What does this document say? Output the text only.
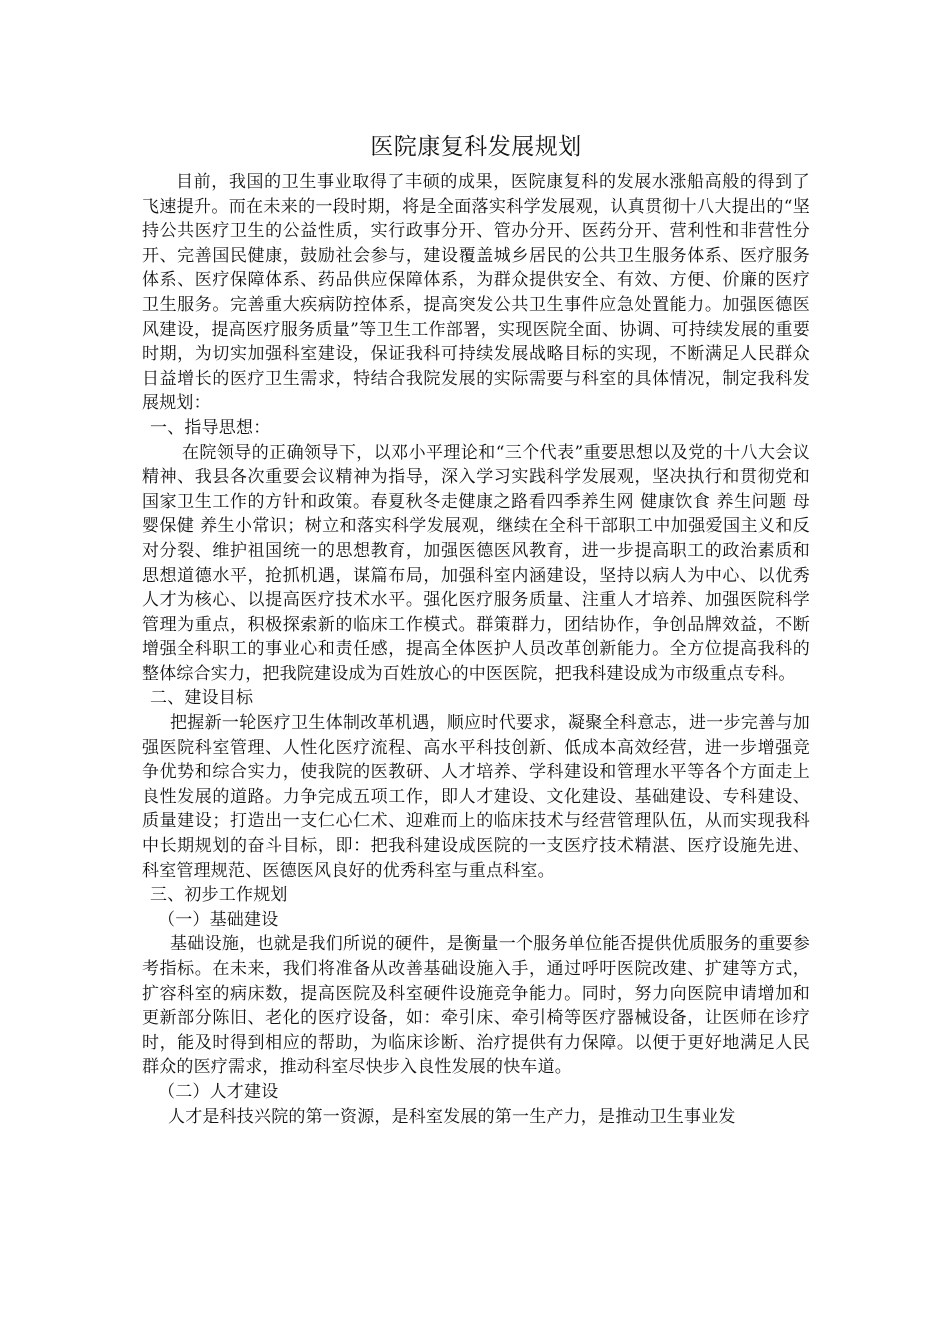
医院康复科发展规划

目前，我国的卫生事业取得了丰硕的成果，医院康复科的发展水涨船高般的得到了飞速提升。而在未来的一段时期，将是全面落实科学发展观，认真贯彻十八大提出的“坚持公共医疗卫生的公益性质，实行政事分开、管办分开、医药分开、营利性和非营性分开、完善国民健康，鼓励社会参与，建设覆盖城乡居民的公共卫生服务体系、医疗服务体系、医疗保障体系、药品供应保障体系，为群众提供安全、有效、方便、价廉的医疗卫生服务。完善重大疾病防控体系，提高突发公共卫生事件应急处置能力。加强医德医风建设，提高医疗服务质量”等卫生工作部署，实现医院全面、协调、可持续发展的重要时期，为切实加强科室建设，保证我科可持续发展战略目标的实现，不断满足人民群众日益增长的医疗卫生需求，特结合我院发展的实际需要与科室的具体情况，制定我科发展规划：

一、指导思想：

在院领导的正确领导下，以邓小平理论和“三个代表”重要思想以及党的十八大会议精神、我县各次重要会议精神为指导，深入学习实践科学发展观，坚决执行和贯彻党和国家卫生工作的方针和政策。春夏秋冬走健康之路看四季养生网 健康饮食 养生问题 母婴保健 养生小常识；树立和落实科学发展观，继续在全科干部职工中加强爱国主义和反对分裂、维护祖国统一的思想教育，加强医德医风教育，进一步提高职工的政治素质和思想道德水平，抢抓机遇，谋篇布局，加强科室内涵建设，坚持以病人为中心、以优秀人才为核心、以提高医疗技术水平。强化医疗服务质量、注重人才培养、加强医院科学管理为重点，积极探索新的临床工作模式。群策群力，团结协作，争创品牌效益，不断增强全科职工的事业心和责任感，提高全体医护人员改革创新能力。全方位提高我科的整体综合实力，把我院建设成为百姓放心的中医医院，把我科建设成为市级重点专科。

二、建设目标

把握新一轮医疗卫生体制改革机遇，顺应时代要求，凝聚全科意志，进一步完善与加强医院科室管理、人性化医疗流程、高水平科技创新、低成本高效经营，进一步增强竞争优势和综合实力，使我院的医教研、人才培养、学科建设和管理水平等各个方面走上良性发展的道路。力争完成五项工作，即人才建设、文化建设、基础建设、专科建设、质量建设；打造出一支仁心仁术、迎难而上的临床技术与经营管理队伍，从而实现我科中长期规划的奋斗目标，即：把我科建设成医院的一支医疗技术精湛、医疗设施先进、科室管理规范、医德医风良好的优秀科室与重点科室。

三、初步工作规划

（一）基础建设

基础设施，也就是我们所说的硬件，是衡量一个服务单位能否提供优质服务的重要参考指标。在未来，我们将准备从改善基础设施入手，通过呼吁医院改建、扩建等方式，扩容科室的病床数，提高医院及科室硬件设施竞争能力。同时，努力向医院申请增加和更新部分陈旧、老化的医疗设备，如：牵引床、牵引椅等医疗器械设备，让医师在诊疗时，能及时得到相应的帮助，为临床诊断、治疗提供有力保障。以便于更好地满足人民群众的医疗需求，推动科室尽快步入良性发展的快车道。

（二）人才建设

人才是科技兴院的第一资源，是科室发展的第一生产力，是推动卫生事业发
